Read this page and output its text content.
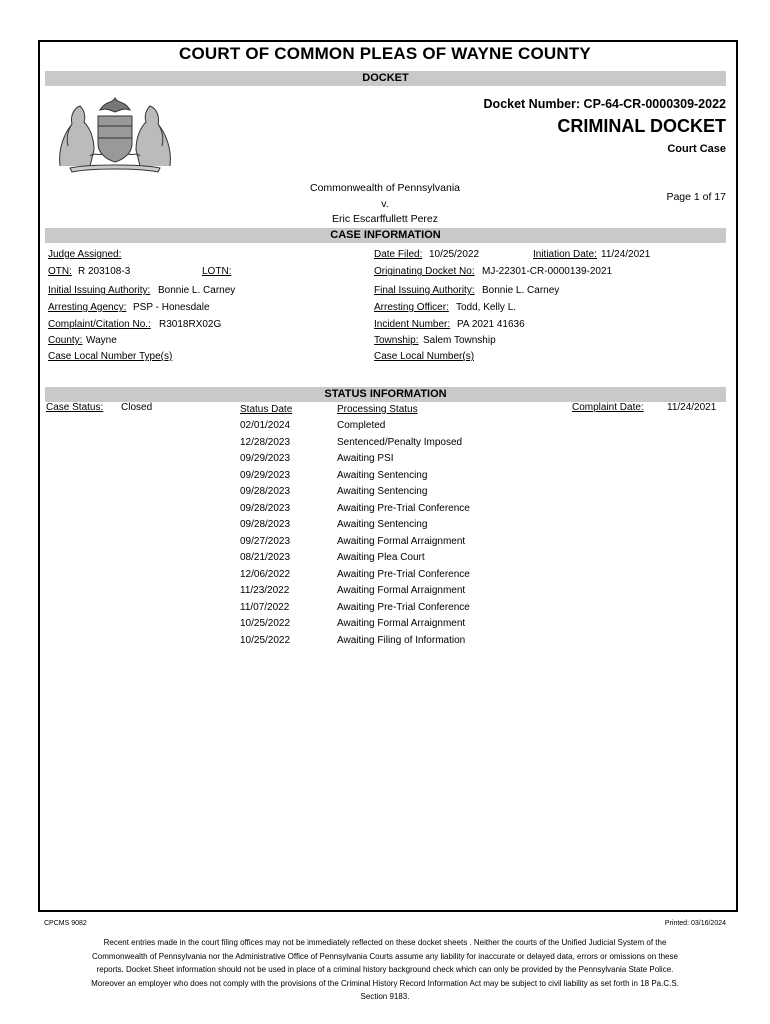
COURT OF COMMON PLEAS OF WAYNE COUNTY
DOCKET
Docket Number: CP-64-CR-0000309-2022
CRIMINAL DOCKET
Court Case
Commonwealth of Pennsylvania
v.
Eric Escarffullett Perez
Page 1 of 17
CASE INFORMATION
Judge Assigned:	Date Filed: 10/25/2022	Initiation Date: 11/24/2021
OTN: R 203108-3	LOTN:	Originating Docket No: MJ-22301-CR-0000139-2021
Initial Issuing Authority: Bonnie L. Carney	Final Issuing Authority: Bonnie L. Carney
Arresting Agency: PSP - Honesdale	Arresting Officer: Todd, Kelly L.
Complaint/Citation No.: R3018RX02G	Incident Number: PA 2021 41636
County: Wayne	Township: Salem Township
Case Local Number Type(s)	Case Local Number(s)
STATUS INFORMATION
Case Status: Closed	Status Date	Processing Status	Complaint Date: 11/24/2021
02/01/2024	Completed
12/28/2023	Sentenced/Penalty Imposed
09/29/2023	Awaiting PSI
09/29/2023	Awaiting Sentencing
09/28/2023	Awaiting Sentencing
09/28/2023	Awaiting Pre-Trial Conference
09/28/2023	Awaiting Sentencing
09/27/2023	Awaiting Formal Arraignment
08/21/2023	Awaiting Plea Court
12/06/2022	Awaiting Pre-Trial Conference
11/23/2022	Awaiting Formal Arraignment
11/07/2022	Awaiting Pre-Trial Conference
10/25/2022	Awaiting Formal Arraignment
10/25/2022	Awaiting Filing of Information
CPCMS 9082	Printed: 03/16/2024
Recent entries made in the court filing offices may not be immediately reflected on these docket sheets . Neither the courts of the Unified Judicial System of the Commonwealth of Pennsylvania nor the Administrative Office of Pennsylvania Courts assume any liability for inaccurate or delayed data, errors or omissions on these reports. Docket Sheet information should not be used in place of a criminal history background check which can only be provided by the Pennsylvania State Police. Moreover an employer who does not comply with the provisions of the Criminal History Record Information Act may be subject to civil liability as set forth in 18 Pa.C.S. Section 9183.
